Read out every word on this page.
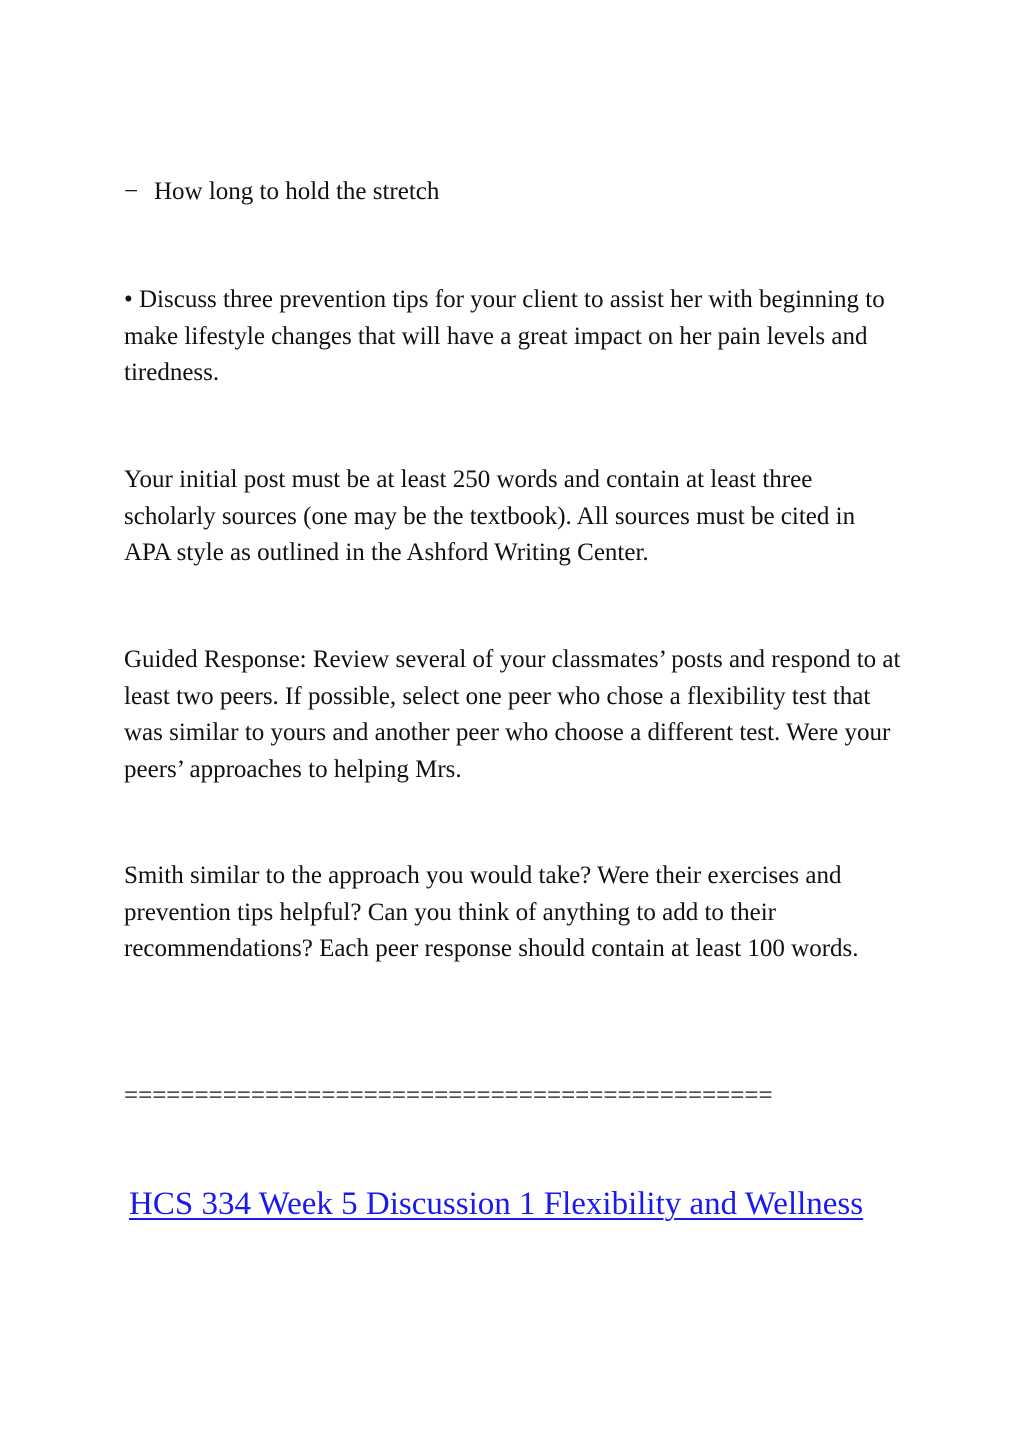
− How long to hold the stretch

• Discuss three prevention tips for your client to assist her with beginning to make lifestyle changes that will have a great impact on her pain levels and tiredness.

Your initial post must be at least 250 words and contain at least three scholarly sources (one may be the textbook). All sources must be cited in APA style as outlined in the Ashford Writing Center.

Guided Response: Review several of your classmates’ posts and respond to at least two peers. If possible, select one peer who chose a flexibility test that was similar to yours and another peer who choose a different test. Were your peers’ approaches to helping Mrs.

Smith similar to the approach you would take? Were their exercises and prevention tips helpful? Can you think of anything to add to their recommendations? Each peer response should contain at least 100 words.

==============================================
HCS 334 Week 5 Discussion 1 Flexibility and Wellness
